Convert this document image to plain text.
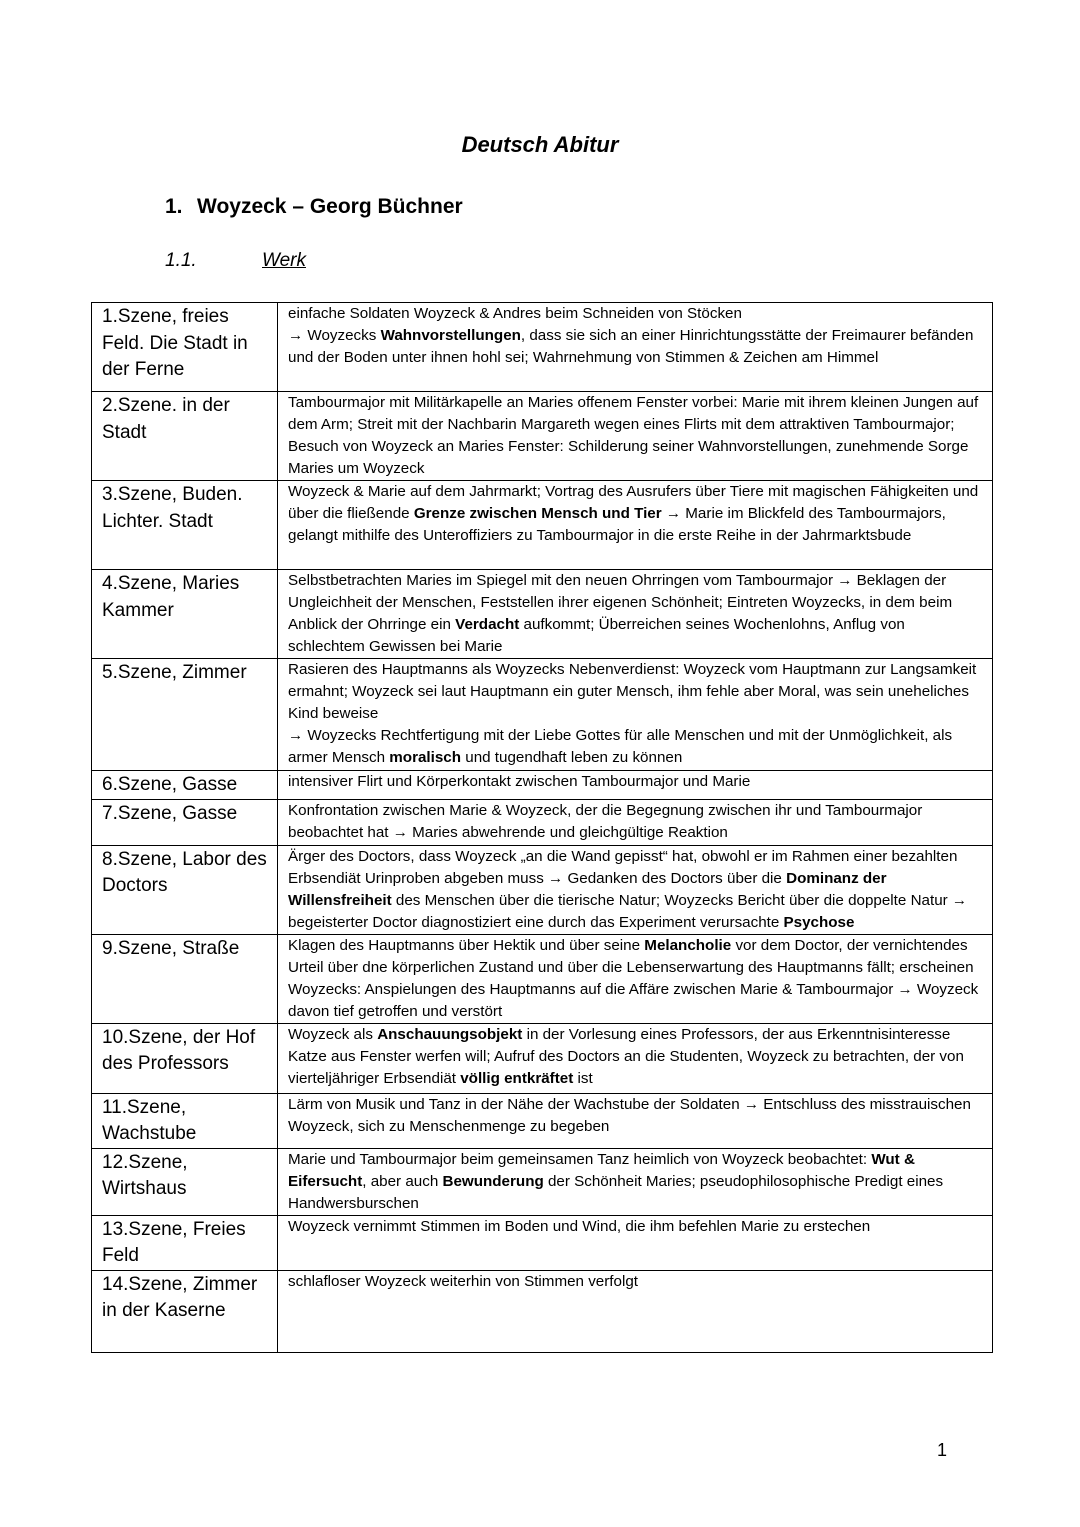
Deutsch Abitur
1. Woyzeck – Georg Büchner
1.1.	Werk
1.Szene, freies Feld. Die Stadt in der Ferne	einfache Soldaten Woyzeck & Andres beim Schneiden von Stöcken
→ Woyzecks Wahnvorstellungen, dass sie sich an einer Hinrichtungsstätte der Freimaurer befänden und der Boden unter ihnen hohl sei; Wahrnehmung von Stimmen & Zeichen am Himmel
2.Szene. in der Stadt	Tambourmajor mit Militärkapelle an Maries offenem Fenster vorbei: Marie mit ihrem kleinen Jungen auf dem Arm; Streit mit der Nachbarin Margareth wegen eines Flirts mit dem attraktiven Tambourmajor; Besuch von Woyzeck an Maries Fenster: Schilderung seiner Wahnvorstellungen, zunehmende Sorge Maries um Woyzeck
3.Szene, Buden. Lichter. Stadt	Woyzeck & Marie auf dem Jahrmarkt; Vortrag des Ausrufers über Tiere mit magischen Fähigkeiten und über die fließende Grenze zwischen Mensch und Tier → Marie im Blickfeld des Tambourmajors, gelangt mithilfe des Unteroffiziers zu Tambourmajor in die erste Reihe in der Jahrmarktsbude
4.Szene, Maries Kammer	Selbstbetrachten Maries im Spiegel mit den neuen Ohrringen vom Tambourmajor → Beklagen der Ungleichheit der Menschen, Feststellen ihrer eigenen Schönheit; Eintreten Woyzecks, in dem beim Anblick der Ohrringe ein Verdacht aufkommt; Überreichen seines Wochenlohns, Anflug von schlechtem Gewissen bei Marie
5.Szene, Zimmer	Rasieren des Hauptmanns als Woyzecks Nebenverdienst: Woyzeck vom Hauptmann zur Langsamkeit ermahnt; Woyzeck sei laut Hauptmann ein guter Mensch, ihm fehle aber Moral, was sein uneheliches Kind beweise
→ Woyzecks Rechtfertigung mit der Liebe Gottes für alle Menschen und mit der Unmöglichkeit, als armer Mensch moralisch und tugendhaft leben zu können
6.Szene, Gasse	intensiver Flirt und Körperkontakt zwischen Tambourmajor und Marie
7.Szene, Gasse	Konfrontation zwischen Marie & Woyzeck, der die Begegnung zwischen ihr und Tambourmajor beobachtet hat → Maries abwehrende und gleichgültige Reaktion
8.Szene, Labor des Doctors	Ärger des Doctors, dass Woyzeck „an die Wand gepisst“ hat, obwohl er im Rahmen einer bezahlten Erbsendiät Urinproben abgeben muss → Gedanken des Doctors über die Dominanz der Willensfreiheit des Menschen über die tierische Natur; Woyzecks Bericht über die doppelte Natur → begeisterter Doctor diagnostiziert eine durch das Experiment verursachte Psychose
9.Szene, Straße	Klagen des Hauptmanns über Hektik und über seine Melancholie vor dem Doctor, der vernichtendes Urteil über dne körperlichen Zustand und über die Lebenserwartung des Hauptmanns fällt; erscheinen Woyzecks: Anspielungen des Hauptmanns auf die Affäre zwischen Marie & Tambourmajor → Woyzeck davon tief getroffen und verstört
10.Szene, der Hof des Professors	Woyzeck als Anschauungsobjekt in der Vorlesung eines Professors, der aus Erkenntnisinteresse Katze aus Fenster werfen will; Aufruf des Doctors an die Studenten, Woyzeck zu betrachten, der von vierteljähriger Erbsendiät völlig entkräftet ist
11.Szene, Wachstube	Lärm von Musik und Tanz in der Nähe der Wachstube der Soldaten → Entschluss des misstrauischen Woyzeck, sich zu Menschenmenge zu begeben
12.Szene, Wirtshaus	Marie und Tambourmajor beim gemeinsamen Tanz heimlich von Woyzeck beobachtet: Wut & Eifersucht, aber auch Bewunderung der Schönheit Maries; pseudophilosophische Predigt eines Handwersburschen
13.Szene, Freies Feld	Woyzeck vernimmt Stimmen im Boden und Wind, die ihm befehlen Marie zu erstechen
14.Szene, Zimmer in der Kaserne	schlafloser Woyzeck weiterhin von Stimmen verfolgt
1
